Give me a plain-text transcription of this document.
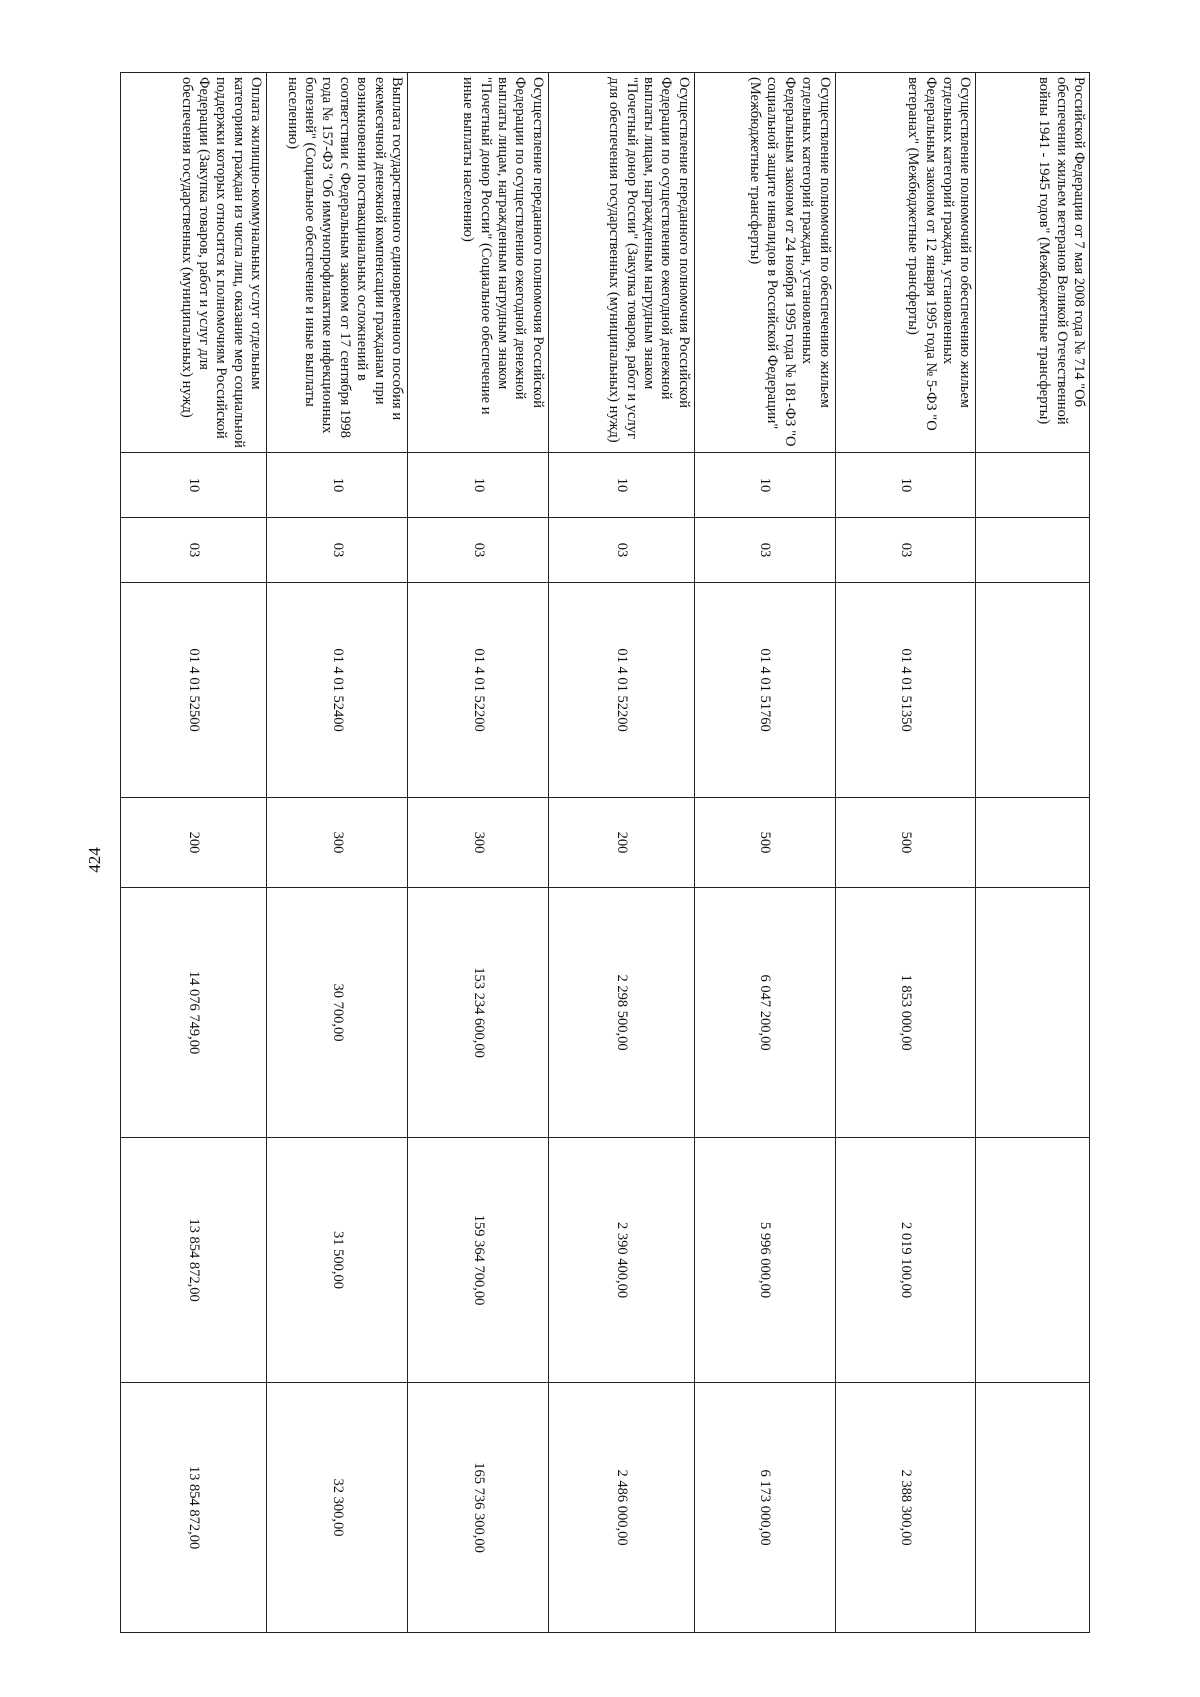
424
Российской Федерации от 7 мая 2008 года № 714 "Об обеспечении жильем ветеранов Великой Отечественной войны 1941 - 1945 годов" (Межбюджетные трансферты)							
Осуществление полномочий по обеспечению жильем отдельных категорий граждан, установленных Федеральным законом от 12 января 1995 года № 5-ФЗ "О ветеранах" (Межбюджетные трансферты)	10	03	01 4 01 51350	500	1 853 000,00	2 019 100,00	2 388 300,00
Осуществление полномочий по обеспечению жильем отдельных категорий граждан, установленных Федеральным законом от 24 ноября 1995 года № 181-ФЗ "О социальной защите инвалидов в Российской Федерации" (Межбюджетные трансферты)	10	03	01 4 01 51760	500	6 047 200,00	5 996 000,00	6 173 000,00
Осуществление переданного полномочия Российской Федерации по осуществлению ежегодной денежной выплаты лицам, награжденным нагрудным знаком "Почетный донор России" (Закупка товаров, работ и услуг для обеспечения государственных (муниципальных) нужд)	10	03	01 4 01 52200	200	2 298 500,00	2 390 400,00	2 486 000,00
Осуществление переданного полномочия Российской Федерации по осуществлению ежегодной денежной выплаты лицам, награжденным нагрудным знаком "Почетный донор России" (Социальное обеспечение и иные выплаты населению)	10	03	01 4 01 52200	300	153 234 600,00	159 364 700,00	165 736 300,00
Выплата государственного единовременного пособия и ежемесячной денежной компенсации гражданам при возникновении поствакцинальных осложнений в соответствии с Федеральным законом от 17 сентября 1998 года № 157-ФЗ "Об иммунопрофилактике инфекционных болезней" (Социальное обеспечение и иные выплаты населению)	10	03	01 4 01 52400	300	30 700,00	31 500,00	32 300,00
Оплата жилищно-коммунальных услуг отдельным категориям граждан из числа лиц, оказание мер социальной поддержки которых относится к полномочиям Российской Федерации (Закупка товаров, работ и услуг для обеспечения государственных (муниципальных) нужд)	10	03	01 4 01 52500	200	14 076 749,00	13 854 872,00	13 854 872,00
